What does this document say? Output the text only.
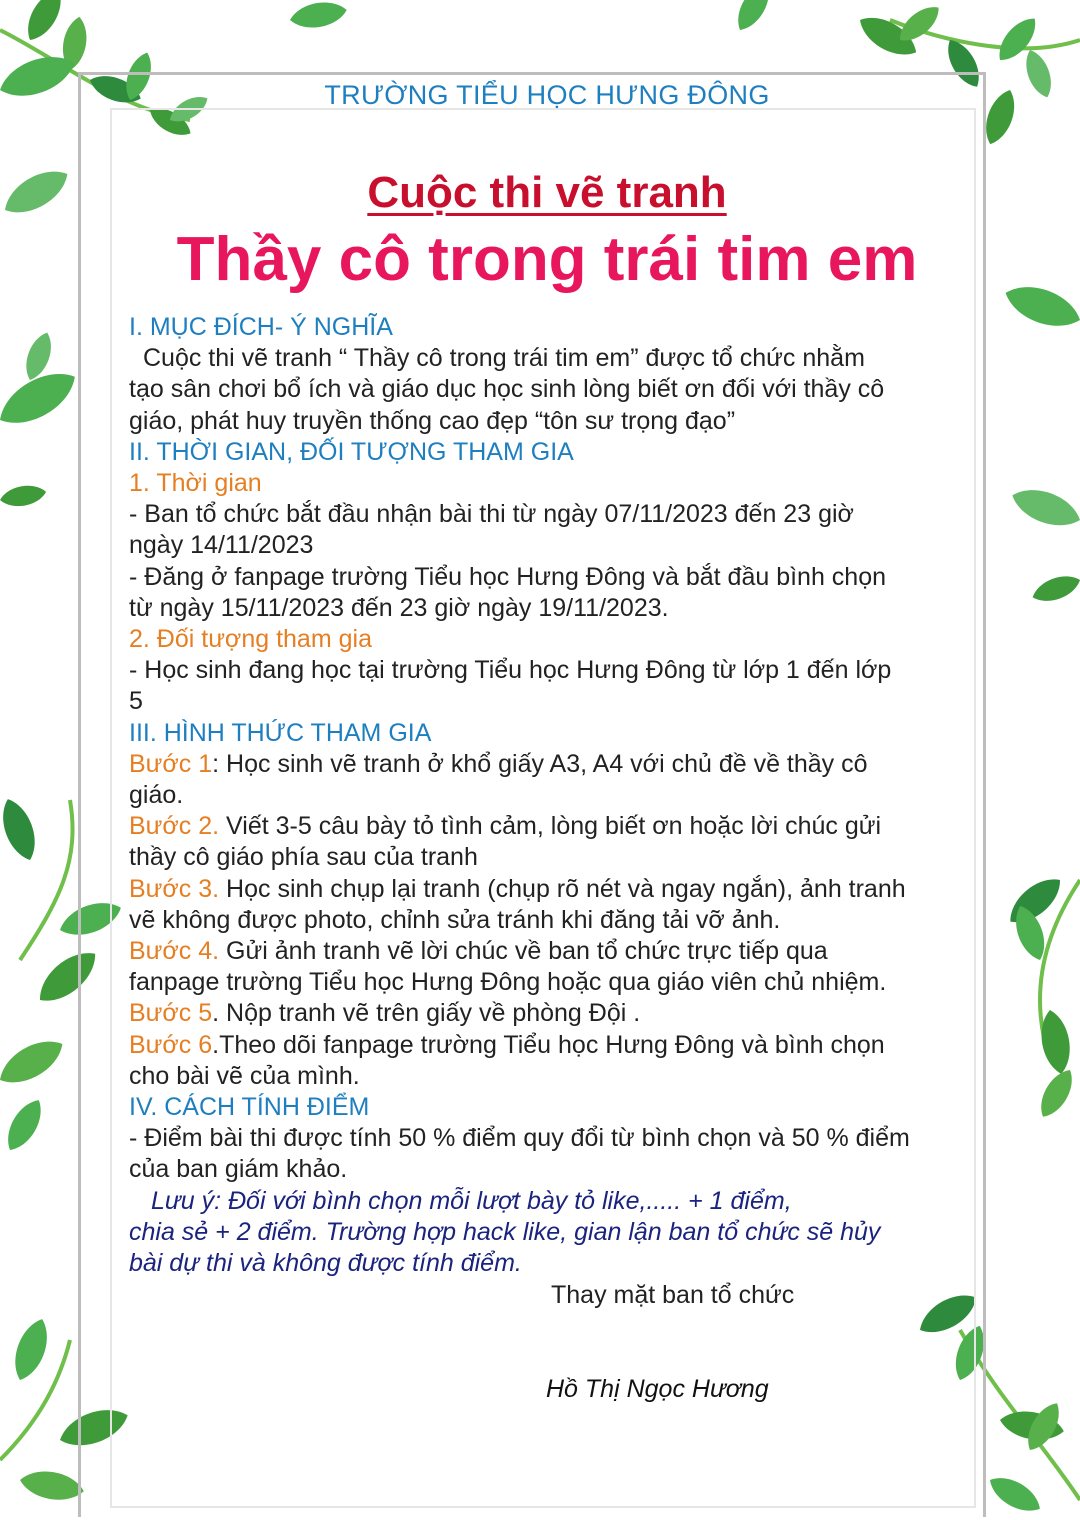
TRƯỜNG TIỂU HỌC HƯNG ĐÔNG
Cuộc thi vẽ tranh
Thầy cô trong trái tim em

I. MỤC ĐÍCH- Ý NGHĨA

Cuộc thi vẽ tranh “ Thầy cô trong trái tim em” được tổ chức nhằm

tạo sân chơi bổ ích và giáo dục học sinh lòng biết ơn đối với thầy cô

giáo, phát huy truyền thống cao đẹp “tôn sư trọng đạo”

II. THỜI GIAN, ĐỐI TƯỢNG THAM GIA

1. Thời gian

- Ban tổ chức bắt đầu nhận bài thi từ ngày 07/11/2023 đến 23 giờ

ngày 14/11/2023

- Đăng ở fanpage trường Tiểu học Hưng Đông và bắt đầu bình chọn

từ ngày 15/11/2023 đến 23 giờ ngày 19/11/2023.

2. Đối tượng tham gia

- Học sinh đang học tại trường Tiểu học Hưng Đông từ lớp 1 đến lớp

5

III. HÌNH THỨC THAM GIA

Bước 1: Học sinh vẽ tranh ở khổ giấy A3, A4 với chủ đề về thầy cô

giáo.

Bước 2. Viết 3-5 câu bày tỏ tình cảm, lòng biết ơn hoặc lời chúc gửi

thầy cô giáo phía sau của tranh

Bước 3. Học sinh chụp lại tranh (chụp rõ nét và ngay ngắn), ảnh tranh

vẽ không được photo, chỉnh sửa tránh khi đăng tải vỡ ảnh.

Bước 4. Gửi ảnh tranh vẽ lời chúc về ban tổ chức trực tiếp qua

fanpage trường Tiểu học Hưng Đông hoặc qua giáo viên chủ nhiệm.

Bước 5. Nộp tranh vẽ trên giấy về phòng Đội .

Bước 6.Theo dõi fanpage trường Tiểu học Hưng Đông và bình chọn

cho bài vẽ của mình.

IV. CÁCH TÍNH ĐIỂM

- Điểm bài thi được tính 50 % điểm quy đổi từ bình chọn và 50 % điểm

của ban giám khảo.

Lưu ý: Đối với bình chọn mỗi lượt bày tỏ like,..... + 1 điểm,

chia sẻ + 2 điểm. Trường hợp hack like, gian lận ban tổ chức sẽ hủy

bài dự thi và không được tính điểm.

Thay mặt ban tổ chức
Hồ Thị Ngọc Hương
